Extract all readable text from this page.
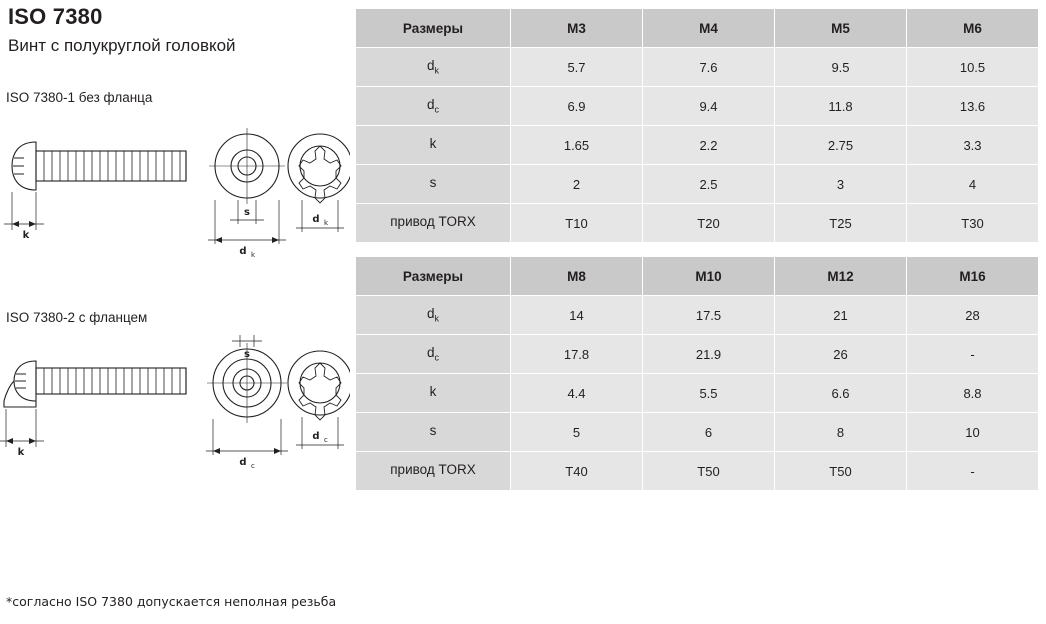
ISO 7380
Винт с полукруглой головкой
ISO 7380-1 без фланца
k
s
d k
d k
ISO 7380-2 с фланцем
k
s
d c
d c
*согласно ISO 7380 допускается неполная резьба
Размеры	M3	M4	M5	M6
$d_k$	5.7	7.6	9.5	10.5
$d_c$	6.9	9.4	11.8	13.6
k	1.65	2.2	2.75	3.3
s	2	2.5	3	4
привод TORX	T10	T20	T25	T30
Размеры	M8	M10	M12	M16
$d_k$	14	17.5	21	28
$d_c$	17.8	21.9	26	-
k	4.4	5.5	6.6	8.8
s	5	6	8	10
привод TORX	T40	T50	T50	-
